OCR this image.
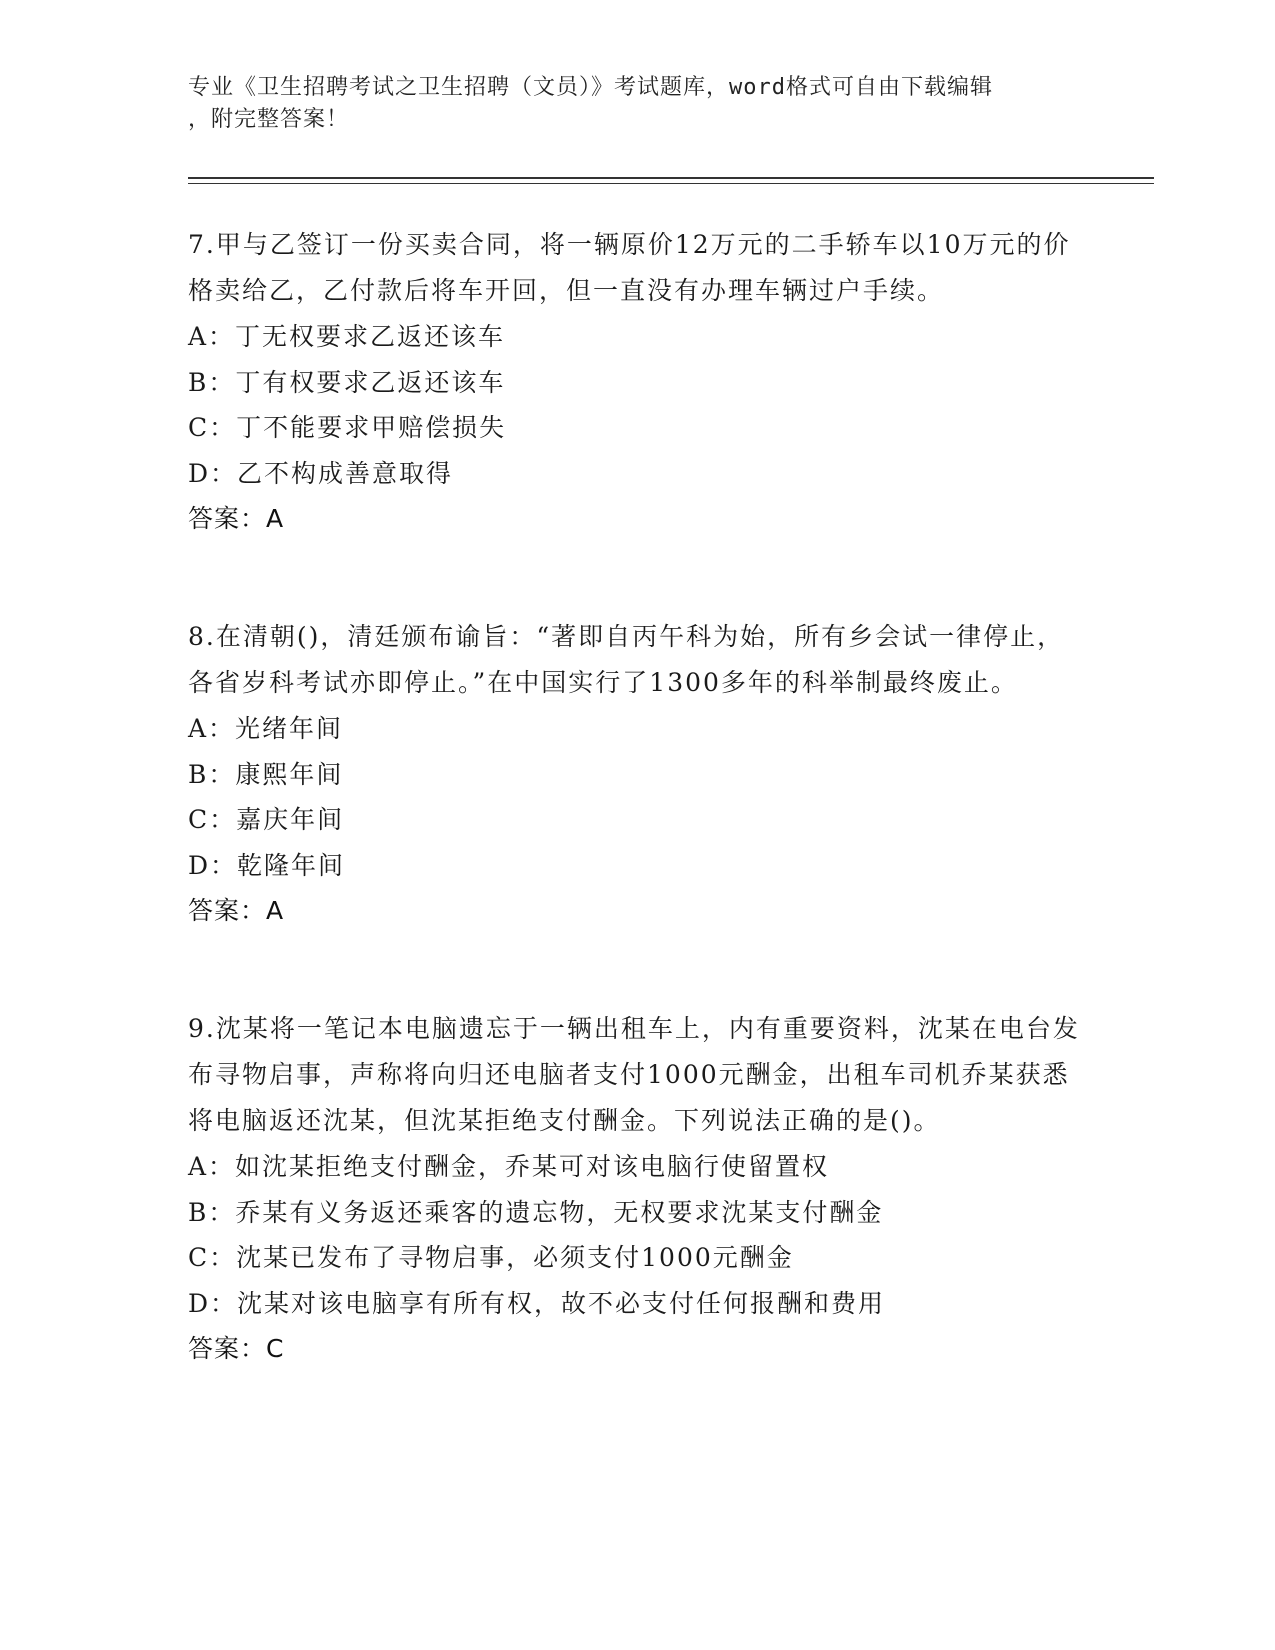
专业《卫生招聘考试之卫生招聘（文员）》考试题库，word格式可自由下载编辑
，附完整答案！

7.甲与乙签订一份买卖合同，将一辆原价12万元的二手轿车以10万元的价格卖给乙，乙付款后将车开回，但一直没有办理车辆过户手续。

A：丁无权要求乙返还该车

B：丁有权要求乙返还该车

C：丁不能要求甲赔偿损失

D：乙不构成善意取得

答案：A

8.在清朝()，清廷颁布谕旨：“著即自丙午科为始，所有乡会试一律停止，各省岁科考试亦即停止。”在中国实行了1300多年的科举制最终废止。

A：光绪年间

B：康熙年间

C：嘉庆年间

D：乾隆年间

答案：A

9.沈某将一笔记本电脑遗忘于一辆出租车上，内有重要资料，沈某在电台发布寻物启事，声称将向归还电脑者支付1000元酬金，出租车司机乔某获悉将电脑返还沈某，但沈某拒绝支付酬金。下列说法正确的是()。

A：如沈某拒绝支付酬金，乔某可对该电脑行使留置权

B：乔某有义务返还乘客的遗忘物，无权要求沈某支付酬金

C：沈某已发布了寻物启事，必须支付1000元酬金

D：沈某对该电脑享有所有权，故不必支付任何报酬和费用

答案：C
